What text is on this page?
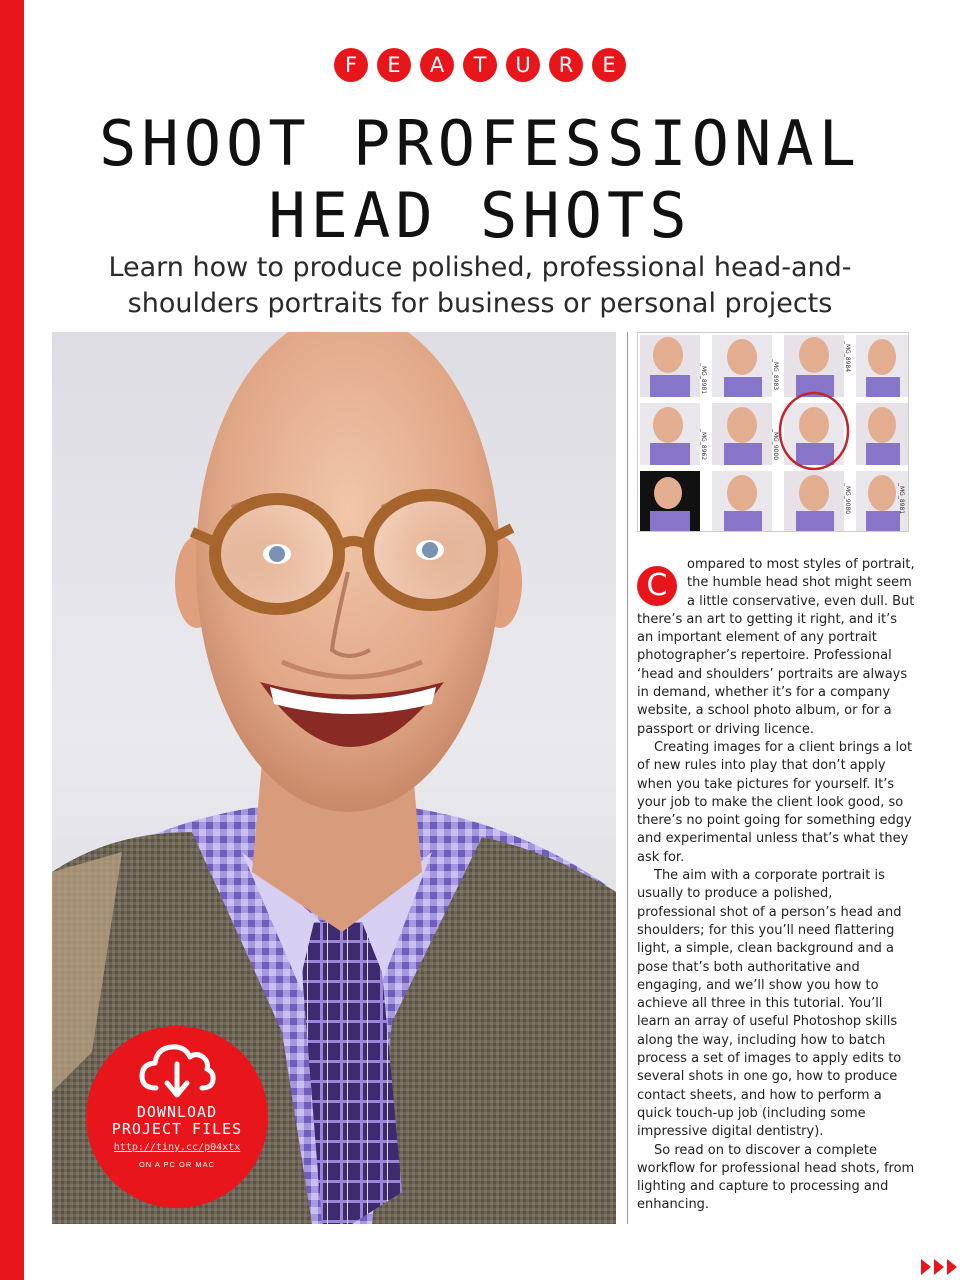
F	E	A	T	U	R	E
SHOOT PROFESSIONAL
HEAD SHOTS

Learn how to produce polished, professional head-and-
shoulders portraits for business or personal projects

_MG_8981	_MG_8983
_MG_8984
_MG_8962	_MG_9000
_MG_9080	_MG_8981

C
ompared to most styles of portrait, the humble head shot might seem a little conservative, even dull. But there’s an art to getting it right, and it’s an important element of any portrait photographer’s repertoire. Professional ‘head and shoulders’ portraits are always in demand, whether it’s for a company website, a school photo album, or for a passport or driving licence.

Creating images for a client brings a lot of new rules into play that don’t apply when you take pictures for yourself. It’s your job to make the client look good, so there’s no point going for something edgy and experimental unless that’s what they ask for.

The aim with a corporate portrait is usually to produce a polished, professional shot of a person’s head and shoulders; for this you’ll need flattering light, a simple, clean background and a pose that’s both authoritative and engaging, and we’ll show you how to achieve all three in this tutorial. You’ll learn an array of useful Photoshop skills along the way, including how to batch process a set of images to apply edits to several shots in one go, how to produce contact sheets, and how to perform a quick touch-up job (including some impressive digital dentistry).

So read on to discover a complete workflow for professional head shots, from lighting and capture to processing and enhancing.

DOWNLOAD
PROJECT FILES
http://tiny.cc/p04xtx
ON A PC OR MAC
